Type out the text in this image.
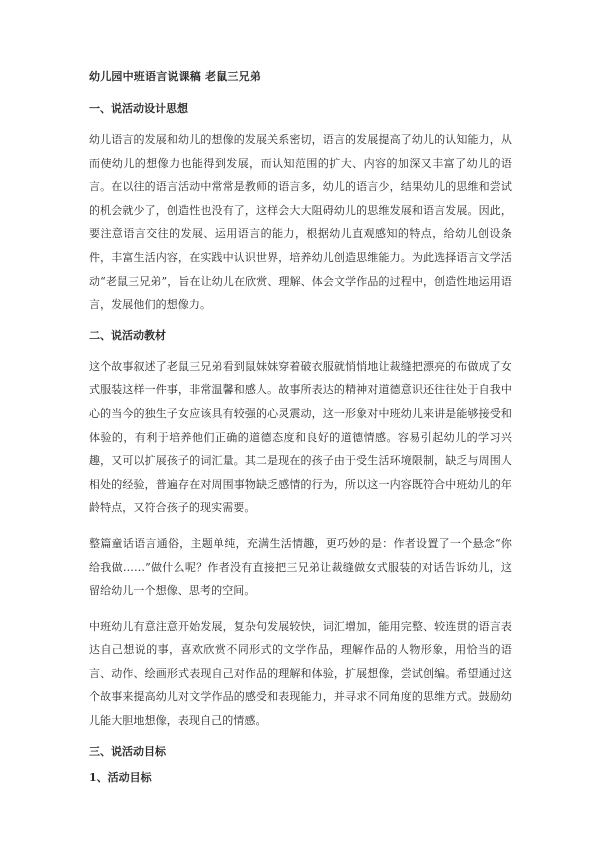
幼儿园中班语言说课稿 老鼠三兄弟
一、说活动设计思想
幼儿语言的发展和幼儿的想像的发展关系密切，语言的发展提高了幼儿的认知能力，从而使幼儿的想像力也能得到发展，而认知范围的扩大、内容的加深又丰富了幼儿的语言。在以往的语言活动中常常是教师的语言多，幼儿的语言少，结果幼儿的思维和尝试的机会就少了，创造性也没有了，这样会大大阻碍幼儿的思维发展和语言发展。因此，要注意语言交往的发展、运用语言的能力，根据幼儿直观感知的特点，给幼儿创设条件，丰富生活内容，在实践中认识世界，培养幼儿创造思维能力。为此选择语言文学活动“老鼠三兄弟”，旨在让幼儿在欣赏、理解、体会文学作品的过程中，创造性地运用语言，发展他们的想像力。
二、说活动教材
这个故事叙述了老鼠三兄弟看到鼠妹妹穿着破衣服就悄悄地让裁缝把漂亮的布做成了女式服装这样一件事，非常温馨和感人。故事所表达的精神对道德意识还往往处于自我中心的当今的独生子女应该具有较强的心灵震动，这一形象对中班幼儿来讲是能够接受和体验的，有利于培养他们正确的道德态度和良好的道德情感。容易引起幼儿的学习兴趣，又可以扩展孩子的词汇量。其二是现在的孩子由于受生活环境限制，缺乏与周围人相处的经验，普遍存在对周围事物缺乏感情的行为，所以这一内容既符合中班幼儿的年龄特点，又符合孩子的现实需要。
整篇童话语言通俗，主题单纯，充满生活情趣，更巧妙的是：作者设置了一个悬念“你给我做……”做什么呢？作者没有直接把三兄弟让裁缝做女式服装的对话告诉幼儿，这留给幼儿一个想像、思考的空间。
中班幼儿有意注意开始发展，复杂句发展较快，词汇增加，能用完整、较连贯的语言表达自己想说的事，喜欢欣赏不同形式的文学作品，理解作品的人物形象，用恰当的语言、动作、绘画形式表现自己对作品的理解和体验，扩展想像，尝试创编。希望通过这个故事来提高幼儿对文学作品的感受和表现能力，并寻求不同角度的思维方式。鼓励幼儿能大胆地想像，表现自己的情感。
三、说活动目标
1、活动目标
